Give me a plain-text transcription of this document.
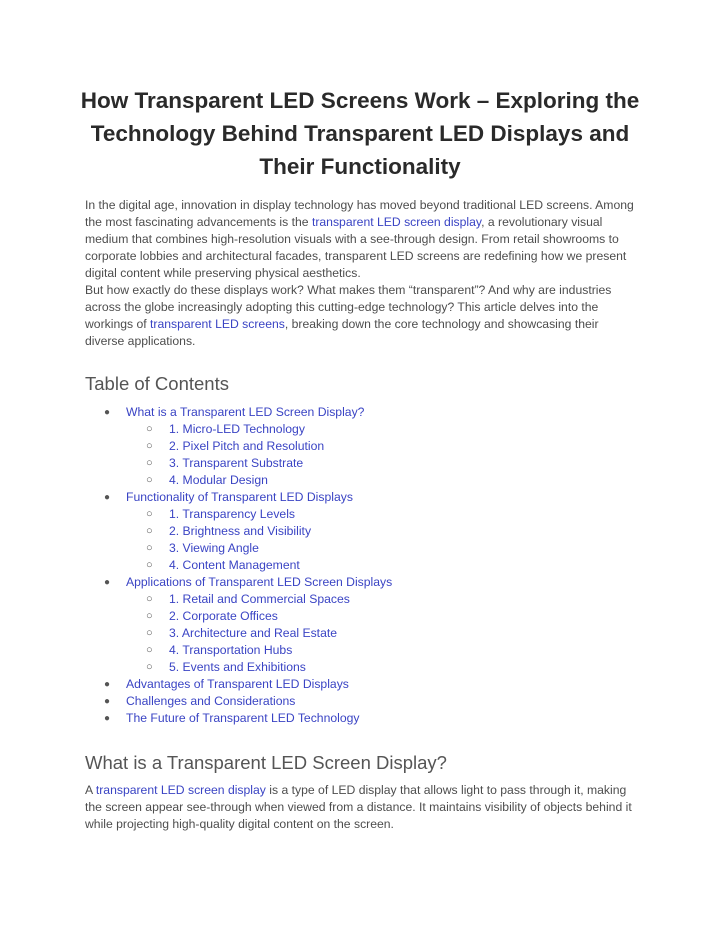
How Transparent LED Screens Work – Exploring the Technology Behind Transparent LED Displays and Their Functionality

In the digital age, innovation in display technology has moved beyond traditional LED screens. Among the most fascinating advancements is the transparent LED screen display, a revolutionary visual medium that combines high-resolution visuals with a see-through design. From retail showrooms to corporate lobbies and architectural facades, transparent LED screens are redefining how we present digital content while preserving physical aesthetics.

But how exactly do these displays work? What makes them “transparent”? And why are industries across the globe increasingly adopting this cutting-edge technology? This article delves into the workings of transparent LED screens, breaking down the core technology and showcasing their diverse applications.

Table of Contents
● What is a Transparent LED Screen Display?
○ 1. Micro-LED Technology
○ 2. Pixel Pitch and Resolution
○ 3. Transparent Substrate
○ 4. Modular Design
● Functionality of Transparent LED Displays
○ 1. Transparency Levels
○ 2. Brightness and Visibility
○ 3. Viewing Angle
○ 4. Content Management
● Applications of Transparent LED Screen Displays
○ 1. Retail and Commercial Spaces
○ 2. Corporate Offices
○ 3. Architecture and Real Estate
○ 4. Transportation Hubs
○ 5. Events and Exhibitions
● Advantages of Transparent LED Displays
● Challenges and Considerations
● The Future of Transparent LED Technology
What is a Transparent LED Screen Display?

A transparent LED screen display is a type of LED display that allows light to pass through it, making the screen appear see-through when viewed from a distance. It maintains visibility of objects behind it while projecting high-quality digital content on the screen.
